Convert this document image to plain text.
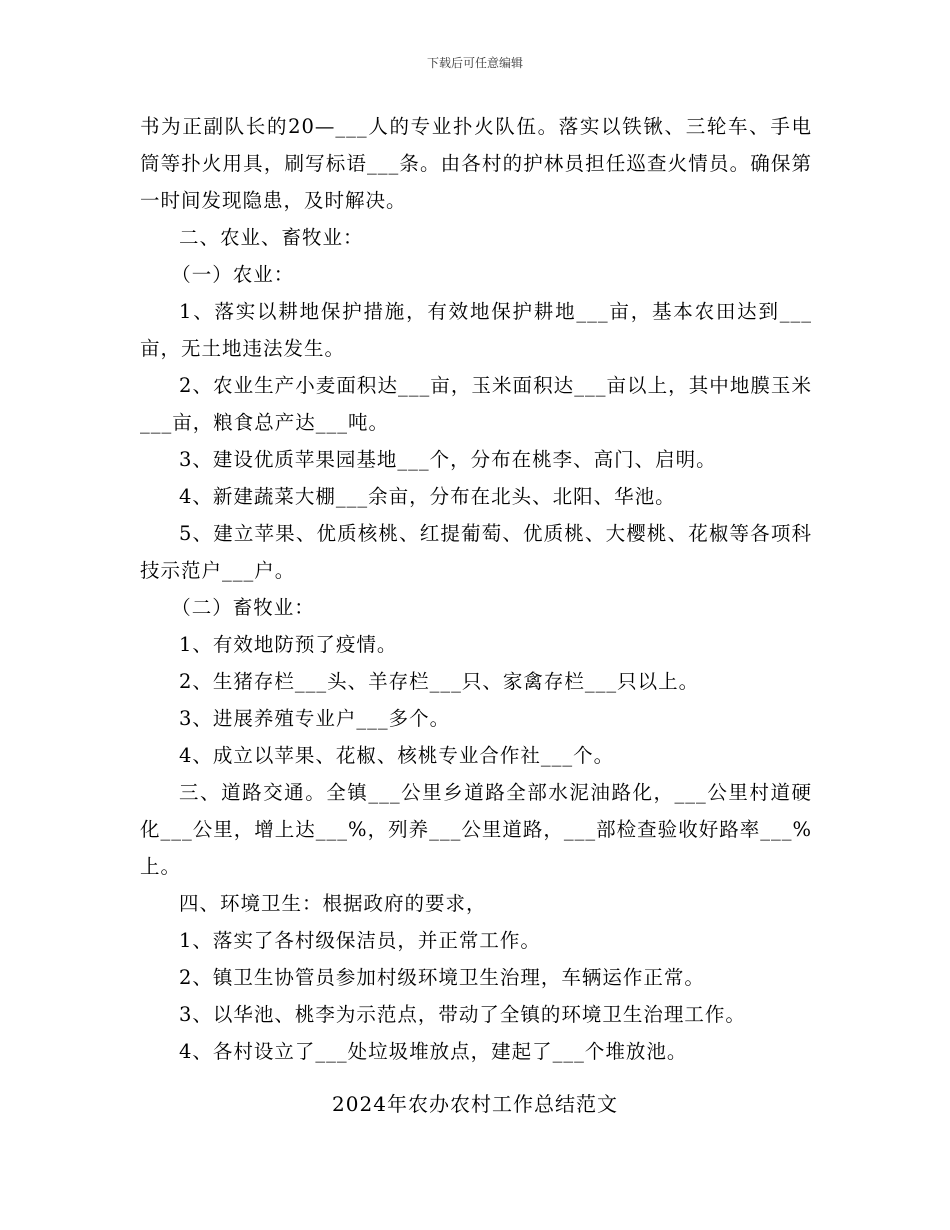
下载后可任意编辑

书为正副队长的20—___人的专业扑火队伍。落实以铁锹、三轮车、手电筒等扑火用具，刷写标语___条。由各村的护林员担任巡查火情员。确保第一时间发现隐患，及时解决。

二、农业、畜牧业：

（一）农业：

1、落实以耕地保护措施，有效地保护耕地___亩，基本农田达到___亩，无土地违法发生。

2、农业生产小麦面积达___亩，玉米面积达___亩以上，其中地膜玉米___亩，粮食总产达___吨。

3、建设优质苹果园基地___个，分布在桃李、高门、启明。

4、新建蔬菜大棚___余亩，分布在北头、北阳、华池。

5、建立苹果、优质核桃、红提葡萄、优质桃、大樱桃、花椒等各项科技示范户___户。

（二）畜牧业：

1、有效地防预了疫情。

2、生猪存栏___头、羊存栏___只、家禽存栏___只以上。

3、进展养殖专业户___多个。

4、成立以苹果、花椒、核桃专业合作社___个。

三、道路交通。全镇___公里乡道路全部水泥油路化，___公里村道硬化___公里，增上达___%，列养___公里道路，___部检查验收好路率___%上。

四、环境卫生：根据政府的要求，

1、落实了各村级保洁员，并正常工作。

2、镇卫生协管员参加村级环境卫生治理，车辆运作正常。

3、以华池、桃李为示范点，带动了全镇的环境卫生治理工作。

4、各村设立了___处垃圾堆放点，建起了___个堆放池。

2024年农办农村工作总结范文
